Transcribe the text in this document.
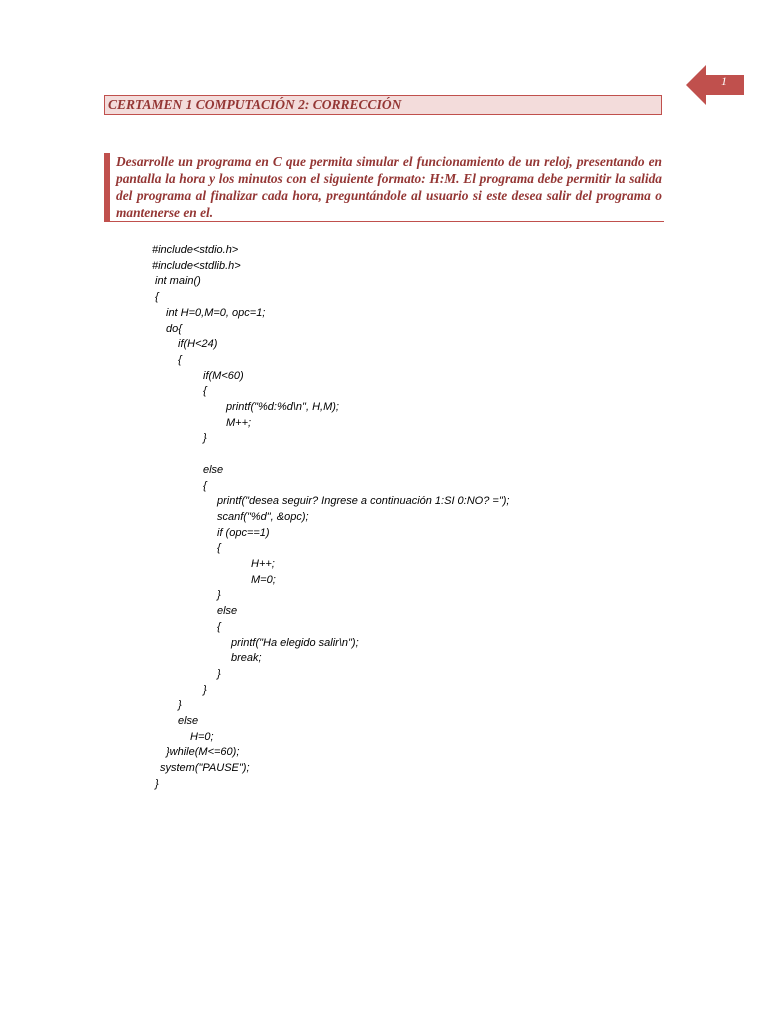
1
CERTAMEN 1 COMPUTACIÓN 2: CORRECCIÓN
Desarrolle un programa en C que permita simular el funcionamiento de un reloj, presentando en pantalla la hora y los minutos con el siguiente formato: H:M. El programa debe permitir la salida del programa al finalizar cada hora, preguntándole al usuario si este desea salir del programa o mantenerse en el.
#include<stdio.h>
#include<stdlib.h>
int main()
{
int H=0,M=0, opc=1;
do{
if(H<24)
{
if(M<60)
{
printf("%d:%d\n", H,M);
M++;
}
else
{
printf("desea seguir? Ingrese a continuación 1:SI 0:NO? =");
scanf("%d", &opc);
if (opc==1)
{
H++;
M=0;
}
else
{
printf("Ha elegido salir\n");
break;
}
}
}
else
H=0;
}while(M<=60);
system("PAUSE");
}
